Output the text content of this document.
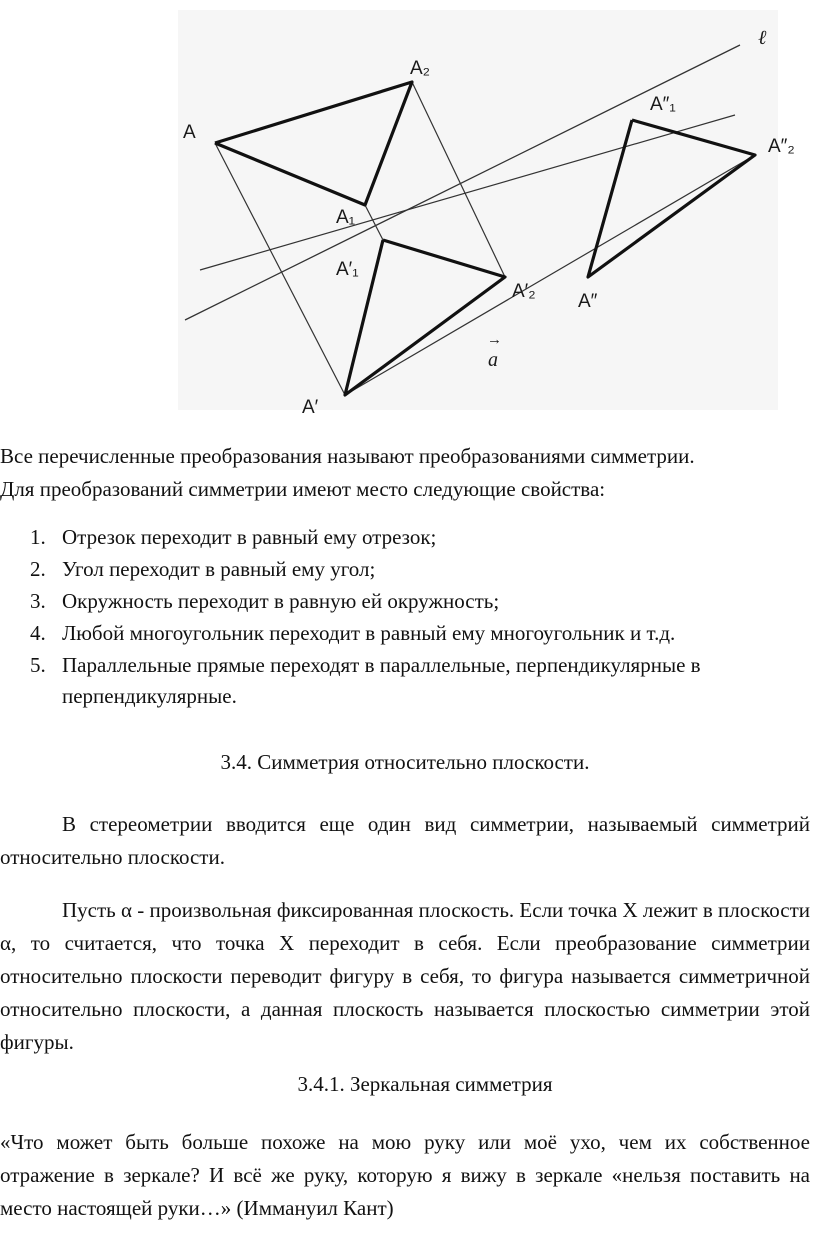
A
A₂
A₁
A′₁
A′₂
A′
A″₁
A″₂
A″
ℓ
→
a

Все перечисленные преобразования называют преобразованиями симметрии.

Для преобразований симметрии имеют место следующие свойства:

1. Отрезок переходит в равный ему отрезок;
2. Угол переходит в равный ему угол;
3. Окружность переходит в равную ей окружность;
4. Любой многоугольник переходит в равный ему многоугольник и т.д.
5. Параллельные прямые переходят в параллельные, перпендикулярные в перпендикулярные.
3.4. Симметрия относительно плоскости.
В стереометрии вводится еще один вид симметрии, называемый симметрий относительно плоскости.
Пусть α - произвольная фиксированная плоскость. Если точка Х лежит в плоскости α, то считается, что точка Х переходит в себя. Если преобразование симметрии относительно плоскости переводит фигуру в себя, то фигура называется симметричной относительно плоскости, а данная плоскость называется плоскостью симметрии этой фигуры.
3.4.1. Зеркальная симметрия
«Что может быть больше похоже на мою руку или моё ухо, чем их собственное отражение в зеркале? И всё же руку, которую я вижу в зеркале «нельзя поставить на место настоящей руки…» (Иммануил Кант)
